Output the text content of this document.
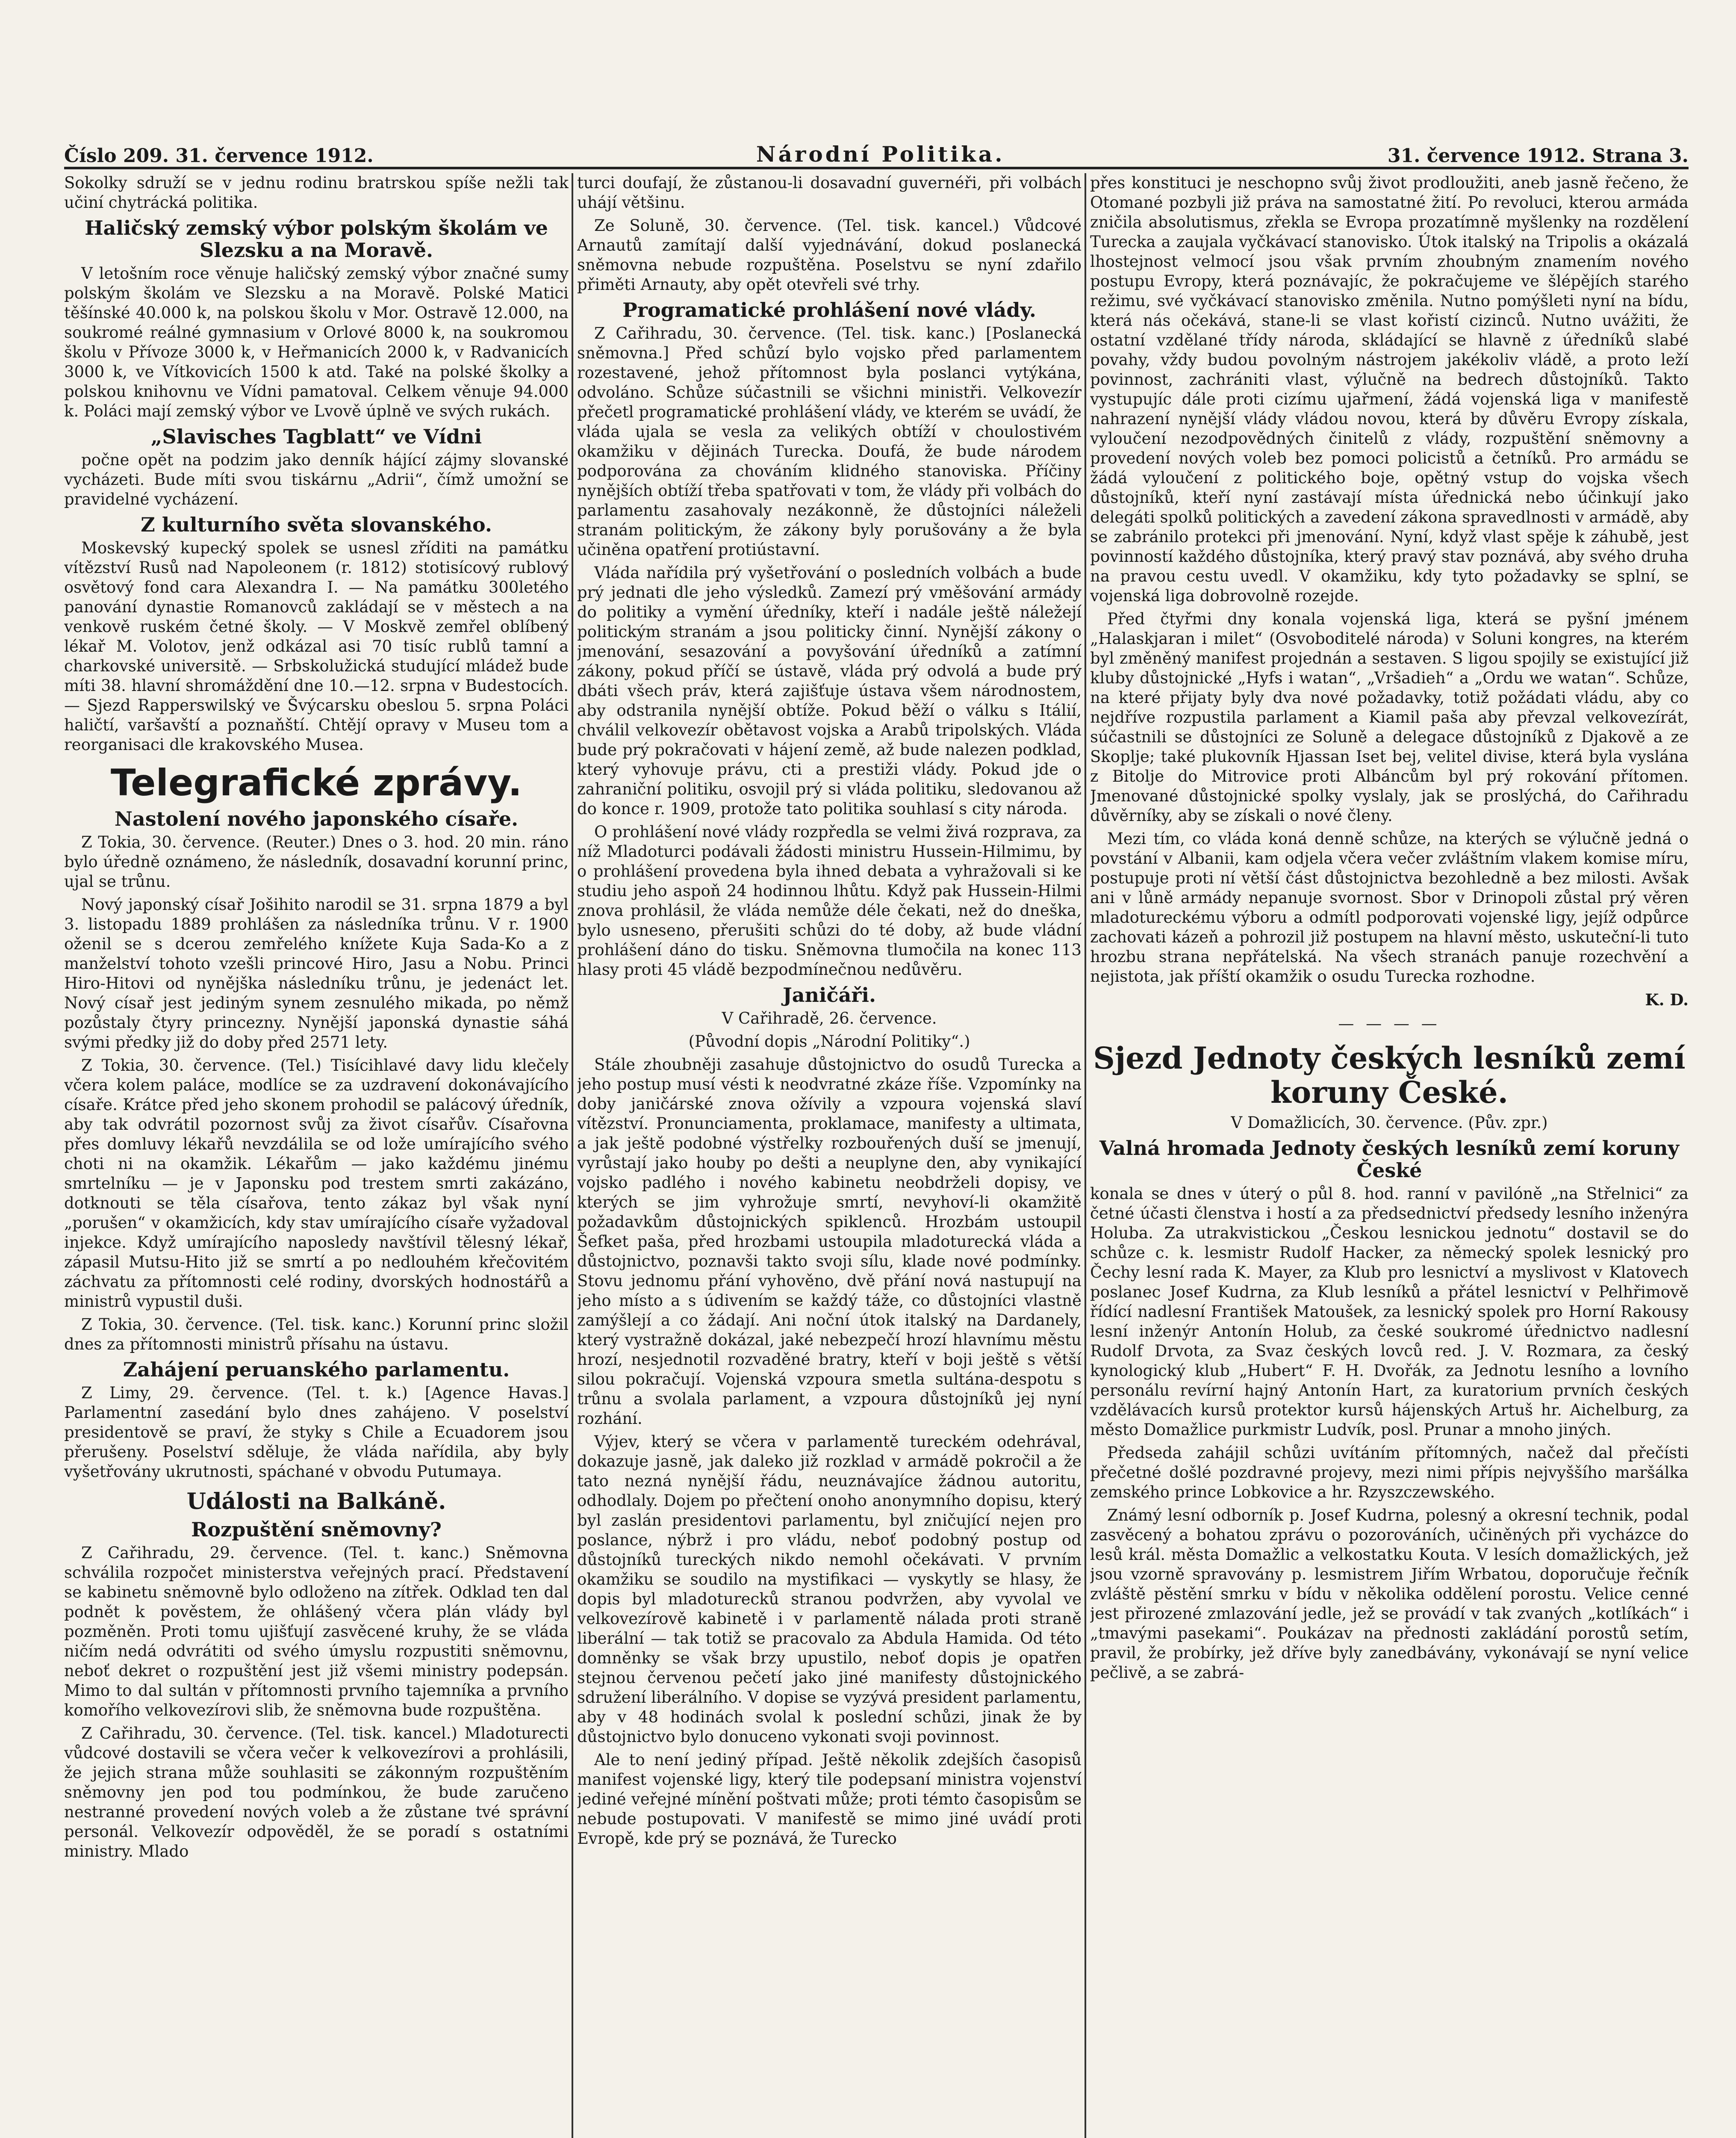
Číslo 209. 31. července 1912.	Národní Politika.	31. července 1912. Strana 3.

Sokolky sdruží se v jednu rodinu bratrskou spíše nežli tak učiní chytrácká politika.

Haličský zemský výbor polským školám ve Slezsku a na Moravě.

V letošním roce věnuje haličský zemský výbor značné sumy polským školám ve Slezsku a na Moravě. Polské Matici těšínské 40.000 k, na polskou školu v Mor. Ostravě 12.000, na soukromé reálné gymnasium v Orlové 8000 k, na soukromou školu v Přívoze 3000 k, v Heřmanicích 2000 k, v Radvanicích 3000 k, ve Vítkovicích 1500 k atd. Také na polské školky a polskou knihovnu ve Vídni pamatoval. Celkem věnuje 94.000 k. Poláci mají zemský výbor ve Lvově úplně ve svých rukách.

„Slavisches Tagblatt“ ve Vídni

počne opět na podzim jako denník hájící zájmy slovanské vycházeti. Bude míti svou tiskárnu „Adrii“, čímž umožní se pravidelné vycházení.

Z kulturního světa slovanského.

Moskevský kupecký spolek se usnesl zříditi na památku vítězství Rusů nad Napoleonem (r. 1812) stotisícový rublový osvětový fond cara Alexandra I. — Na památku 300letého panování dynastie Romanovců zakládají se v městech a na venkově ruském četné školy. — V Moskvě zemřel oblíbený lékař M. Volotov, jenž odkázal asi 70 tisíc rublů tamní a charkovské universitě. — Srbskolužická studující mládež bude míti 38. hlavní shromáždění dne 10.—12. srpna v Budestocích. — Sjezd Rapperswilský ve Švýcarsku obeslou 5. srpna Poláci haličtí, varšavští a poznaňští. Chtějí opravy v Museu tom a reorganisaci dle krakovského Musea.

Telegrafické zprávy.
Nastolení nového japonského císaře.

Z Tokia, 30. července. (Reuter.) Dnes o 3. hod. 20 min. ráno bylo úředně oznámeno, že následník, dosavadní korunní princ, ujal se trůnu.

Nový japonský císař Jošihito narodil se 31. srpna 1879 a byl 3. listopadu 1889 prohlášen za následníka trůnu. V r. 1900 oženil se s dcerou zemřelého knížete Kuja Sada-Ko a z manželství tohoto vzešli princové Hiro, Jasu a Nobu. Princi Hiro-Hitovi od nynějška následníku trůnu, je jedenáct let. Nový císař jest jediným synem zesnulého mikada, po němž pozůstaly čtyry princezny. Nynější japonská dynastie sáhá svými předky již do doby před 2571 lety.

Z Tokia, 30. července. (Tel.) Tisícihlavé davy lidu klečely včera kolem paláce, modlíce se za uzdravení dokonávajícího císaře. Krátce před jeho skonem prohodil se palácový úředník, aby tak odvrátil pozornost svůj za život císařův. Císařovna přes domluvy lékařů nevzdálila se od lože umírajícího svého choti ni na okamžik. Lékařům — jako každému jinému smrtelníku — je v Japonsku pod trestem smrti zakázáno, dotknouti se těla císařova, tento zákaz byl však nyní „porušen“ v okamžicích, kdy stav umírajícího císaře vyžadoval injekce. Když umírajícího naposledy navštívil tělesný lékař, zápasil Mutsu-Hito již se smrtí a po nedlouhém křečovitém záchvatu za přítomnosti celé rodiny, dvorských hodnostářů a ministrů vypustil duši.

Z Tokia, 30. července. (Tel. tisk. kanc.) Korunní princ složil dnes za přítomnosti ministrů přísahu na ústavu.

Zahájení peruanského parlamentu.

Z Limy, 29. července. (Tel. t. k.) [Agence Havas.] Parlamentní zasedání bylo dnes zahájeno. V poselství presidentově se praví, že styky s Chile a Ecuadorem jsou přerušeny. Poselství sděluje, že vláda nařídila, aby byly vyšetřovány ukrutnosti, spáchané v obvodu Putumaya.

Události na Balkáně.
Rozpuštění sněmovny?

Z Cařihradu, 29. července. (Tel. t. kanc.) Sněmovna schválila rozpočet ministerstva veřejných prací. Představení se kabinetu sněmovně bylo odloženo na zítřek. Odklad ten dal podnět k pověstem, že ohlášený včera plán vlády byl pozměněn. Proti tomu ujišťují zasvěcené kruhy, že se vláda ničím nedá odvrátiti od svého úmyslu rozpustiti sněmovnu, neboť dekret o rozpuštění jest již všemi ministry podepsán. Mimo to dal sultán v přítomnosti prvního tajemníka a prvního komořího velkovezírovi slib, že sněmovna bude rozpuštěna.

Z Cařihradu, 30. července. (Tel. tisk. kancel.) Mladoturecti vůdcové dostavili se včera večer k velkovezírovi a prohlásili, že jejich strana může souhlasiti se zákonným rozpuštěním sněmovny jen pod tou podmínkou, že bude zaručeno nestranné provedení nových voleb a že zůstane tvé správní personál. Velkovezír odpověděl, že se poradí s ostatními ministry. Mlado

turci doufají, že zůstanou-li dosavadní guvernéři, při volbách uhájí většinu.

Ze Soluně, 30. července. (Tel. tisk. kancel.) Vůdcové Arnautů zamítají další vyjednávání, dokud poslanecká sněmovna nebude rozpuštěna. Poselstvu se nyní zdařilo přiměti Arnauty, aby opět otevřeli své trhy.

Programatické prohlášení nové vlády.

Z Cařihradu, 30. července. (Tel. tisk. kanc.) [Poslanecká sněmovna.] Před schůzí bylo vojsko před parlamentem rozestavené, jehož přítomnost byla poslanci vytýkána, odvoláno. Schůze súčastnili se všichni ministři. Velkovezír přečetl programatické prohlášení vlády, ve kterém se uvádí, že vláda ujala se vesla za velikých obtíží v choulostivém okamžiku v dějinách Turecka. Doufá, že bude národem podporována za chováním klidného stanoviska. Příčiny nynějších obtíží třeba spatřovati v tom, že vlády při volbách do parlamentu zasahovaly nezákonně, že důstojníci náleželi stranám politickým, že zákony byly porušovány a že byla učiněna opatření protiústavní.

Vláda nařídila prý vyšetřování o posledních volbách a bude prý jednati dle jeho výsledků. Zamezí prý vměšování armády do politiky a vymění úředníky, kteří i nadále ještě náležejí politickým stranám a jsou politicky činní. Nynější zákony o jmenování, sesazování a povyšování úředníků a zatímní zákony, pokud příčí se ústavě, vláda prý odvolá a bude prý dbáti všech práv, která zajišťuje ústava všem národnostem, aby odstranila nynější obtíže. Pokud běží o válku s Itálií, chválil velkovezír obětavost vojska a Arabů tripolských. Vláda bude prý pokračovati v hájení země, až bude nalezen podklad, který vyhovuje právu, cti a prestiži vlády. Pokud jde o zahraniční politiku, osvojil prý si vláda politiku, sledovanou až do konce r. 1909, protože tato politika souhlasí s city národa.

O prohlášení nové vlády rozpředla se velmi živá rozprava, za níž Mladoturci podávali žádosti ministru Hussein-Hilmimu, by o prohlášení provedena byla ihned debata a vyhražovali si ke studiu jeho aspoň 24 hodinnou lhůtu. Když pak Hussein-Hilmi znova prohlásil, že vláda nemůže déle čekati, než do dneška, bylo usneseno, přerušiti schůzi do té doby, až bude vládní prohlášení dáno do tisku. Sněmovna tlumočila na konec 113 hlasy proti 45 vládě bezpodmínečnou nedůvěru.

Janičáři.

V Cařihradě, 26. července.

(Původní dopis „Národní Politiky“.)

Stále zhoubněji zasahuje důstojnictvo do osudů Turecka a jeho postup musí vésti k neodvratné zkáze říše. Vzpomínky na doby janičárské znova ožívily a vzpoura vojenská slaví vítězství. Pronunciamenta, proklamace, manifesty a ultimata, a jak ještě podobné výstřelky rozbouřených duší se jmenují, vyrůstají jako houby po dešti a neuplyne den, aby vynikající vojsko padlého i nového kabinetu neobdrželi dopisy, ve kterých se jim vyhrožuje smrtí, nevyhoví-li okamžitě požadavkům důstojnických spiklenců. Hrozbám ustoupil Šefket paša, před hrozbami ustoupila mladoturecká vláda a důstojnictvo, poznavši takto svoji sílu, klade nové podmínky. Stovu jednomu přání vyhověno, dvě přání nová nastupují na jeho místo a s údivením se každý táže, co důstojníci vlastně zamýšlejí a co žádají. Ani noční útok italský na Dardanely, který vystražně dokázal, jaké nebezpečí hrozí hlavnímu městu hrozí, nesjednotil rozvaděné bratry, kteří v boji ještě s větší silou pokračují. Vojenská vzpoura smetla sultána-despotu s trůnu a svolala parlament, a vzpoura důstojníků jej nyní rozhání.

Výjev, který se včera v parlamentě tureckém odehrával, dokazuje jasně, jak daleko již rozklad v armádě pokročil a že tato nezná nynější řádu, neuznávajíce žádnou autoritu, odhodlaly. Dojem po přečtení onoho anonymního dopisu, který byl zaslán presidentovi parlamentu, byl zničující nejen pro poslance, nýbrž i pro vládu, neboť podobný postup od důstojníků tureckých nikdo nemohl očekávati. V prvním okamžiku se soudilo na mystifikaci — vyskytly se hlasy, že dopis byl mladoturecků stranou podvržen, aby vyvolal ve velkovezírově kabinetě i v parlamentě nálada proti straně liberální — tak totiž se pracovalo za Abdula Hamida. Od této domněnky se však brzy upustilo, neboť dopis je opatřen stejnou červenou pečetí jako jiné manifesty důstojnického sdružení liberálního. V dopise se vyzývá president parlamentu, aby v 48 hodinách svolal k poslední schůzi, jinak že by důstojnictvo bylo donuceno vykonati svoji povinnost.

Ale to není jediný případ. Ještě několik zdejších časopisů manifest vojenské ligy, který tile podepsaní ministra vojenství jediné veřejné mínění poštvati může; proti témto časopisům se nebude postupovati. V manifestě se mimo jiné uvádí proti Evropě, kde prý se poznává, že Turecko

přes konstituci je neschopno svůj život prodloužiti, aneb jasně řečeno, že Otomané pozbyli již práva na samostatné žití. Po revoluci, kterou armáda zničila absolutismus, zřekla se Evropa prozatímně myšlenky na rozdělení Turecka a zaujala vyčkávací stanovisko. Útok italský na Tripolis a okázalá lhostejnost velmocí jsou však prvním zhoubným znamením nového postupu Evropy, která poznávajíc, že pokračujeme ve šlépějích starého režimu, své vyčkávací stanovisko změnila. Nutno pomýšleti nyní na bídu, která nás očekává, stane-li se vlast kořistí cizinců. Nutno uvážiti, že ostatní vzdělané třídy národa, skládající se hlavně z úředníků slabé povahy, vždy budou povolným nástrojem jakékoliv vládě, a proto leží povinnost, zachrániti vlast, výlučně na bedrech důstojníků. Takto vystupujíc dále proti cizímu ujařmení, žádá vojenská liga v manifestě nahrazení nynější vlády vládou novou, která by důvěru Evropy získala, vyloučení nezodpovědných činitelů z vlády, rozpuštění sněmovny a provedení nových voleb bez pomoci policistů a četníků. Pro armádu se žádá vyloučení z politického boje, opětný vstup do vojska všech důstojníků, kteří nyní zastávají místa úřednická nebo účinkují jako delegáti spolků politických a zavedení zákona spravedlnosti v armádě, aby se zabránilo protekci při jmenování. Nyní, když vlast spěje k záhubě, jest povinností každého důstojníka, který pravý stav poznává, aby svého druha na pravou cestu uvedl. V okamžiku, kdy tyto požadavky se splní, se vojenská liga dobrovolně rozejde.

Před čtyřmi dny konala vojenská liga, která se pyšní jménem „Halaskjaran i milet“ (Osvoboditelé národa) v Soluni kongres, na kterém byl změněný manifest projednán a sestaven. S ligou spojily se existující již kluby důstojnické „Hyfs i watan“, „Vršadieh“ a „Ordu we watan“. Schůze, na které přijaty byly dva nové požadavky, totiž požádati vládu, aby co nejdříve rozpustila parlament a Kiamil paša aby převzal velkovezírát, súčastnili se důstojníci ze Soluně a delegace důstojníků z Djakově a ze Skoplje; také plukovník Hjassan Iset bej, velitel divise, která byla vyslána z Bitolje do Mitrovice proti Albáncům byl prý rokování přítomen. Jmenované důstojnické spolky vyslaly, jak se proslýchá, do Cařihradu důvěrníky, aby se získali o nové členy.

Mezi tím, co vláda koná denně schůze, na kterých se výlučně jedná o povstání v Albanii, kam odjela včera večer zvláštním vlakem komise míru, postupuje proti ní větší část důstojnictva bezohledně a bez milosti. Avšak ani v lůně armády nepanuje svornost. Sbor v Drinopoli zůstal prý věren mladotureckému výboru a odmítl podporovati vojenské ligy, jejíž odpůrce zachovati kázeň a pohrozil již postupem na hlavní město, uskuteční-li tuto hrozbu strana nepřátelská. Na všech stranách panuje rozechvění a nejistota, jak příští okamžik o osudu Turecka rozhodne.

K. D.
— — — —
Sjezd Jednoty českých lesníků zemí koruny České.

V Domažlicích, 30. července. (Pův. zpr.)

Valná hromada Jednoty českých lesníků zemí koruny České

konala se dnes v úterý o půl 8. hod. ranní v pavilóně „na Střelnici“ za četné účasti členstva i hostí a za předsednictví předsedy lesního inženýra Holuba. Za utrakvistickou „Českou lesnickou jednotu“ dostavil se do schůze c. k. lesmistr Rudolf Hacker, za německý spolek lesnický pro Čechy lesní rada K. Mayer, za Klub pro lesnictví a myslivost v Klatovech poslanec Josef Kudrna, za Klub lesníků a přátel lesnictví v Pelhřimově řídící nadlesní František Matoušek, za lesnický spolek pro Horní Rakousy lesní inženýr Antonín Holub, za české soukromé úřednictvo nadlesní Rudolf Drvota, za Svaz českých lovců red. J. V. Rozmara, za český kynologický klub „Hubert“ F. H. Dvořák, za Jednotu lesního a lovního personálu revírní hajný Antonín Hart, za kuratorium prvních českých vzdělávacích kursů protektor kursů hájenských Artuš hr. Aichelburg, za město Domažlice purkmistr Ludvík, posl. Prunar a mnoho jiných.

Předseda zahájil schůzi uvítáním přítomných, načež dal přečísti přečetné došlé pozdravné projevy, mezi nimi přípis nejvyššího maršálka zemského prince Lobkovice a hr. Rzyszczewského.

Známý lesní odborník p. Josef Kudrna, polesný a okresní technik, podal zasvěcený a bohatou zprávu o pozorováních, učiněných při vycházce do lesů král. města Domažlic a velkostatku Kouta. V lesích domažlických, jež jsou vzorně spravovány p. lesmistrem Jiřím Wrbatou, doporučuje řečník zvláště pěstění smrku v bídu v několika oddělení porostu. Velice cenné jest přirozené zmlazování jedle, jež se provádí v tak zvaných „kotlíkách“ i „tmavými pasekami“. Poukázav na přednosti zakládání porostů setím, pravil, že probírky, jež dříve byly zanedbávány, vykonávají se nyní velice pečlivě, a se zabrá-
